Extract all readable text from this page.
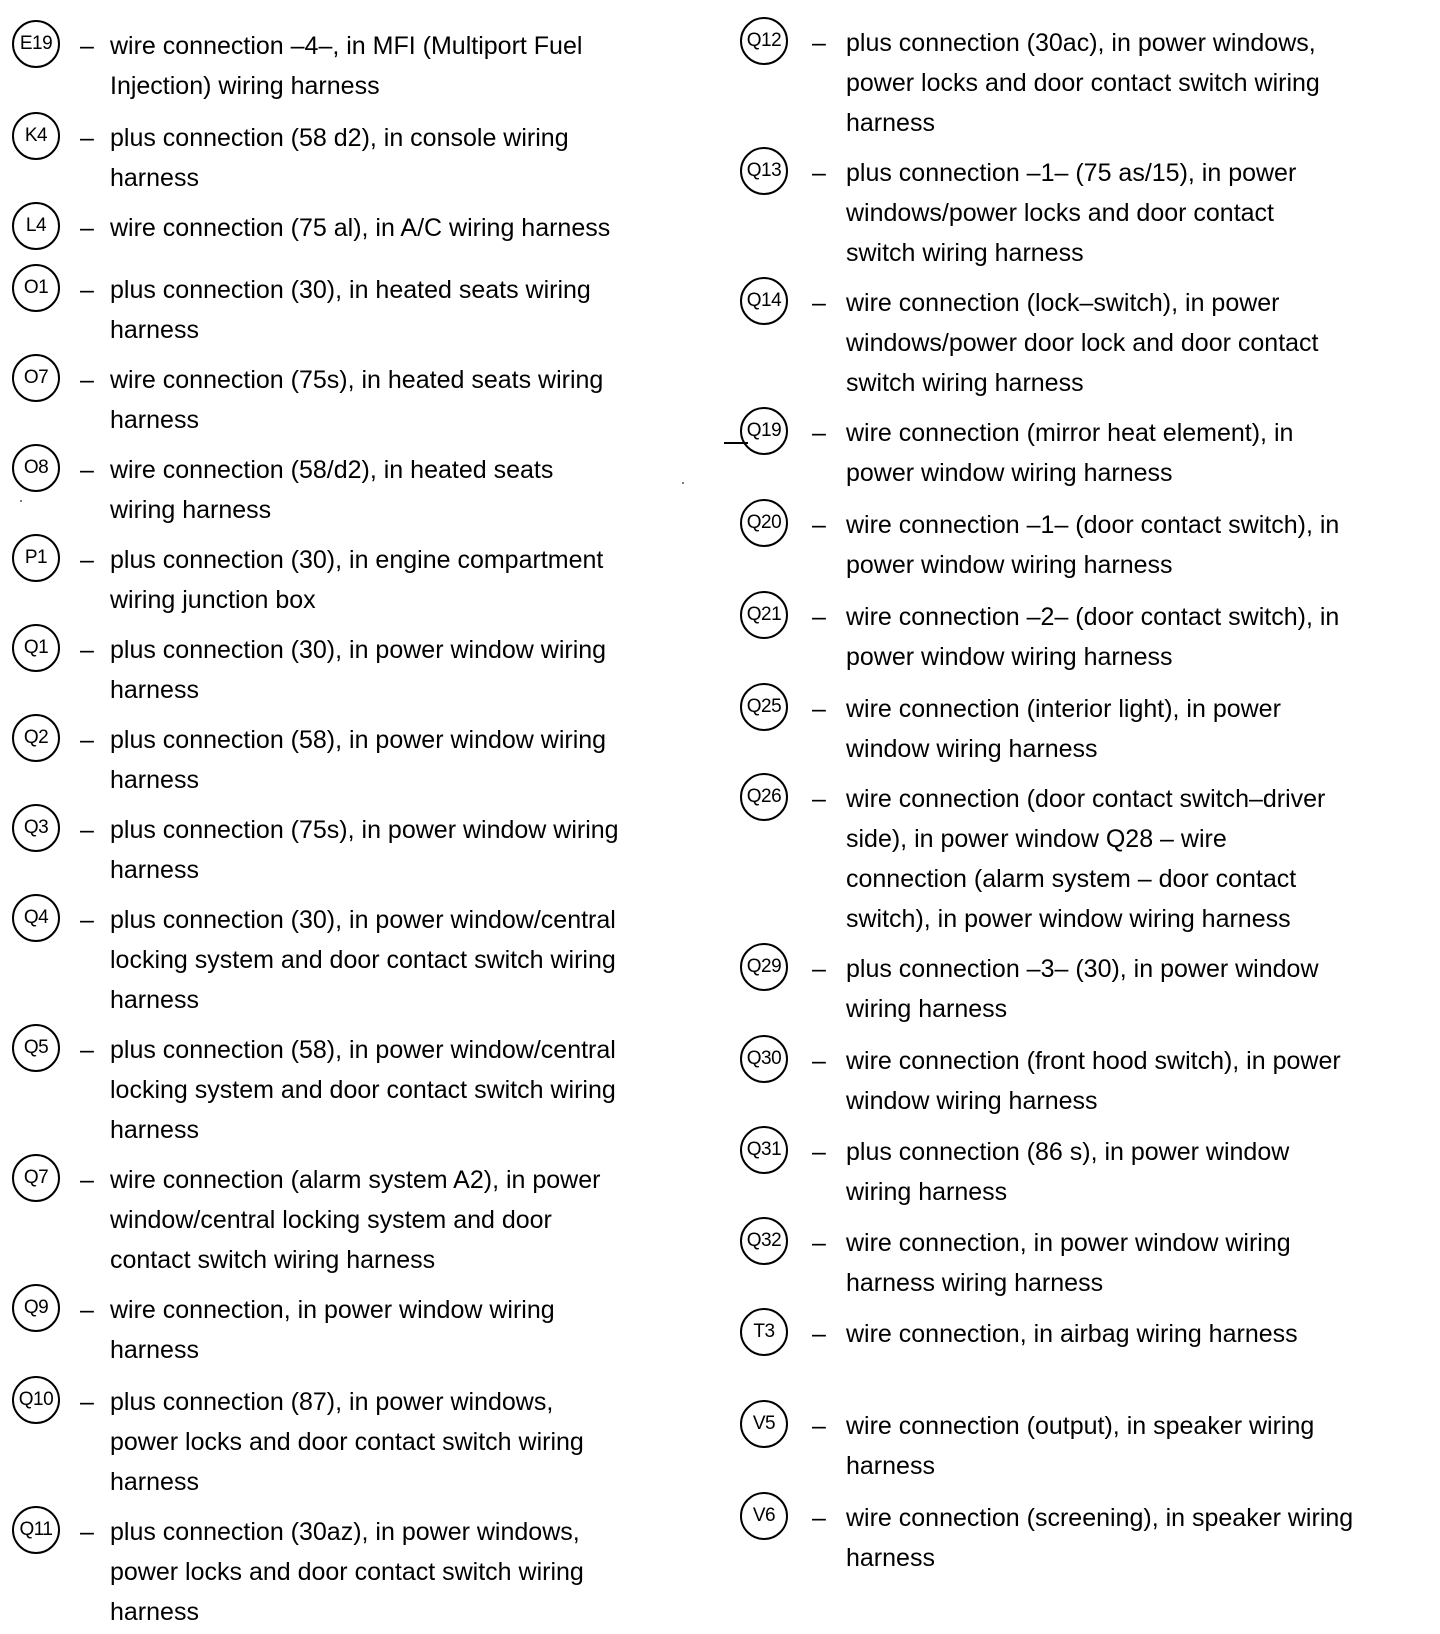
E19	– wire connection –4–, in MFI (Multiport Fuel
Injection) wiring harness
K4	– plus connection (58 d2), in console wiring
harness
L4	– wire connection (75 al), in A/C wiring harness
O1	– plus connection (30), in heated seats wiring
harness
O7	– wire connection (75s), in heated seats wiring
harness
O8	– wire connection (58/d2), in heated seats
wiring harness
P1	– plus connection (30), in engine compartment
wiring junction box
Q1	– plus connection (30), in power window wiring
harness
Q2	– plus connection (58), in power window wiring
harness
Q3	– plus connection (75s), in power window wiring
harness
Q4	– plus connection (30), in power window/central
locking system and door contact switch wiring
harness
Q5	– plus connection (58), in power window/central
locking system and door contact switch wiring
harness
Q7	– wire connection (alarm system A2), in power
window/central locking system and door
contact switch wiring harness
Q9	– wire connection, in power window wiring
harness
Q10 – plus connection (87), in power windows,
power locks and door contact switch wiring
harness
Q11	– plus connection (30az), in power windows,
power locks and door contact switch wiring
harness
Q12 – plus connection (30ac), in power windows,
power locks and door contact switch wiring
harness
Q13 – plus connection –1– (75 as/15), in power
windows/power locks and door contact
switch wiring harness
Q14 – wire connection (lock–switch), in power
windows/power door lock and door contact
switch wiring harness
Q19 – wire connection (mirror heat element), in
power window wiring harness
Q20 – wire connection –1– (door contact switch), in
power window wiring harness
Q21 – wire connection –2– (door contact switch), in
power window wiring harness
Q25 – wire connection (interior light), in power
window wiring harness
Q26 – wire connection (door contact switch–driver
side), in power window Q28 – wire
connection (alarm system – door contact
switch), in power window wiring harness
Q29 – plus connection –3– (30), in power window
wiring harness
Q30 – wire connection (front hood switch), in power
window wiring harness
Q31 – plus connection (86 s), in power window
wiring harness
Q32 – wire connection, in power window wiring
harness wiring harness
T3	– wire connection, in airbag wiring harness
V5	– wire connection (output), in speaker wiring
harness
V6	– wire connection (screening), in speaker wiring
harness
